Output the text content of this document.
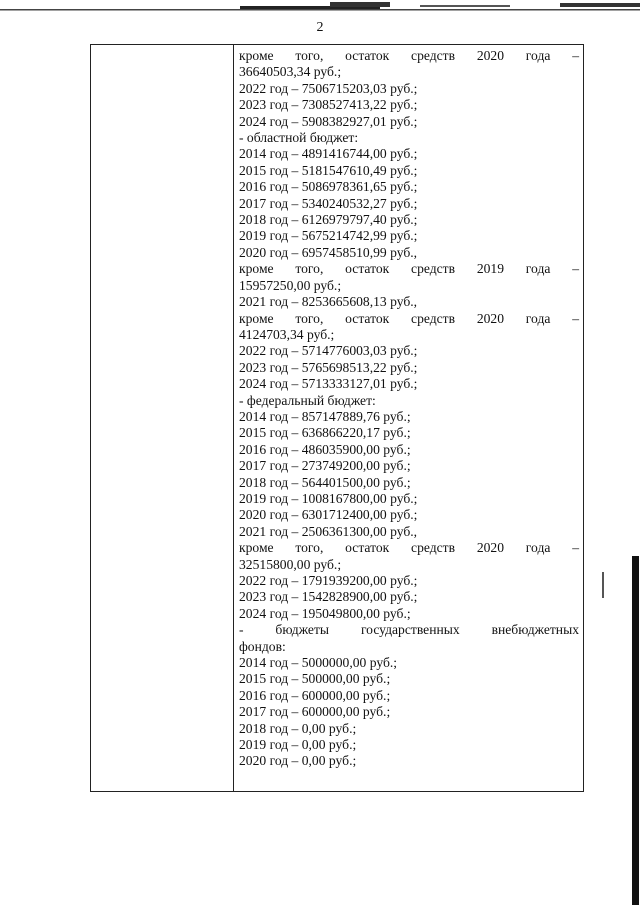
2
кроме того, остаток средств 2020 года –
36640503,34 руб.;
2022 год – 7506715203,03 руб.;
2023 год – 7308527413,22 руб.;
2024 год – 5908382927,01 руб.;
- областной бюджет:
2014 год – 4891416744,00 руб.;
2015 год – 5181547610,49 руб.;
2016 год – 5086978361,65 руб.;
2017 год – 5340240532,27 руб.;
2018 год – 6126979797,40 руб.;
2019 год – 5675214742,99 руб.;
2020 год – 6957458510,99 руб.,
кроме того, остаток средств 2019 года –
15957250,00 руб.;
2021 год – 8253665608,13 руб.,
кроме того, остаток средств 2020 года –
4124703,34 руб.;
2022 год – 5714776003,03 руб.;
2023 год – 5765698513,22 руб.;
2024 год – 5713333127,01 руб.;
- федеральный бюджет:
2014 год – 857147889,76 руб.;
2015 год – 636866220,17 руб.;
2016 год – 486035900,00 руб.;
2017 год – 273749200,00 руб.;
2018 год – 564401500,00 руб.;
2019 год – 1008167800,00 руб.;
2020 год – 6301712400,00 руб.;
2021 год – 2506361300,00 руб.,
кроме того, остаток средств 2020 года –
32515800,00 руб.;
2022 год – 1791939200,00 руб.;
2023 год – 1542828900,00 руб.;
2024 год – 195049800,00 руб.;
- бюджеты государственных внебюджетных
фондов:
2014 год – 5000000,00 руб.;
2015 год – 500000,00 руб.;
2016 год – 600000,00 руб.;
2017 год – 600000,00 руб.;
2018 год – 0,00 руб.;
2019 год – 0,00 руб.;
2020 год – 0,00 руб.;
